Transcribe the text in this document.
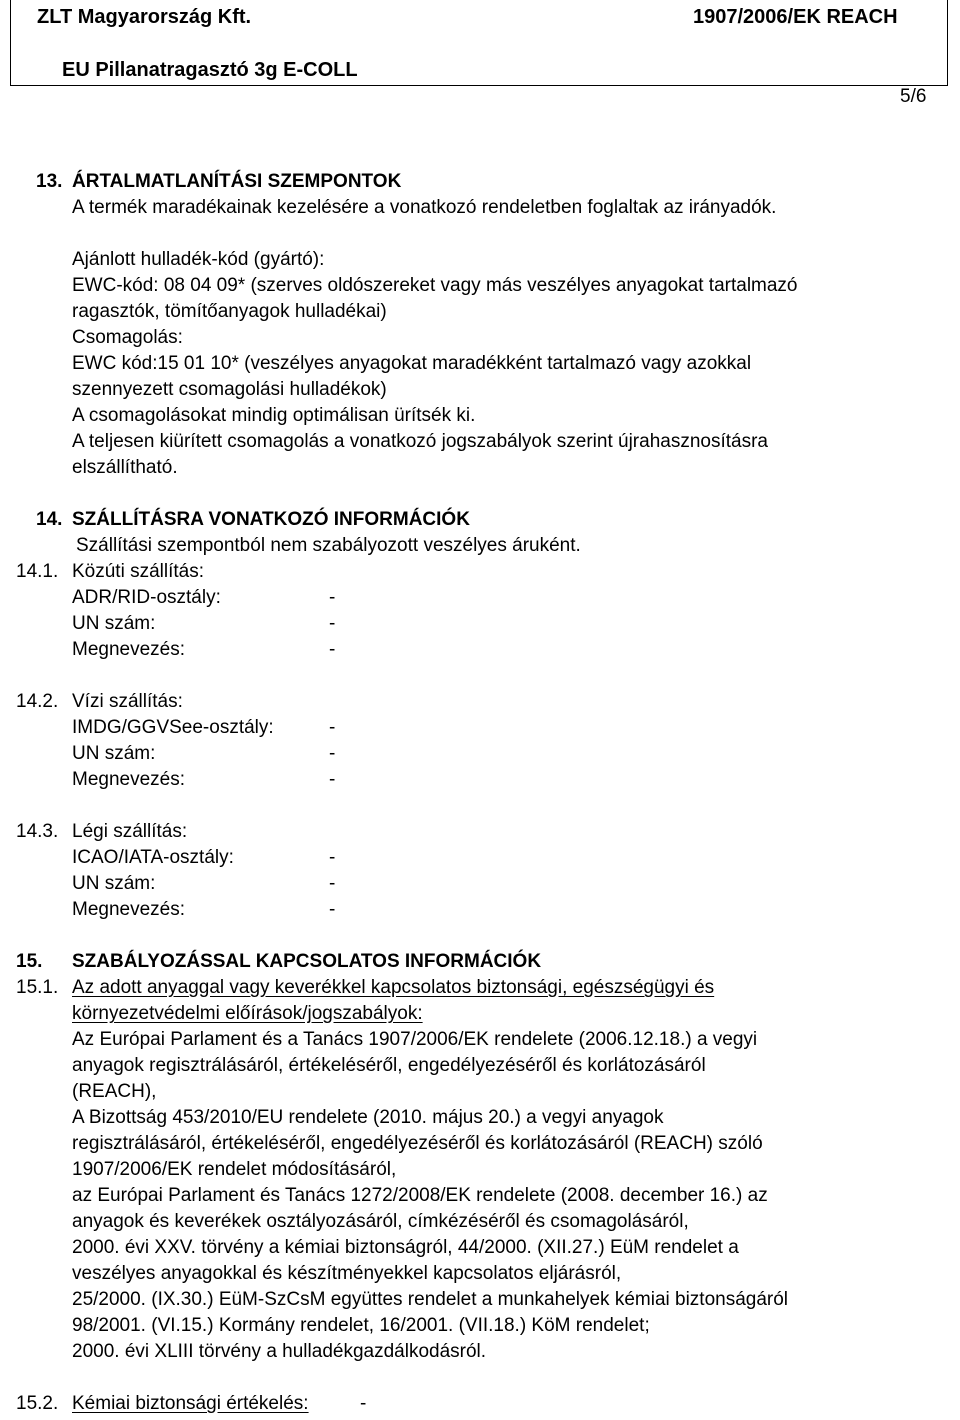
ZLT Magyarország Kft.	1907/2006/EK REACH
EU Pillanatragasztó 3g E-COLL
5/6
13. ÁRTALMATLANÍTÁSI SZEMPONTOK
A termék maradékainak kezelésére a vonatkozó rendeletben foglaltak az irányadók.
Ajánlott hulladék-kód (gyártó):
EWC-kód: 08 04 09* (szerves oldószereket vagy más veszélyes anyagokat tartalmazó
ragasztók, tömítőanyagok hulladékai)
Csomagolás:
EWC kód:15 01 10* (veszélyes anyagokat maradékként tartalmazó vagy azokkal
szennyezett csomagolási hulladékok)
A csomagolásokat mindig optimálisan ürítsék ki.
A teljesen kiürített csomagolás a vonatkozó jogszabályok szerint újrahasznosításra
elszállítható.
14. SZÁLLÍTÁSRA VONATKOZÓ INFORMÁCIÓK
Szállítási szempontból nem szabályozott veszélyes áruként.
14.1. Közúti szállítás:
ADR/RID-osztály:	-
UN szám:	-
Megnevezés:	-
14.2. Vízi szállítás:
IMDG/GGVSee-osztály:	-
UN szám:	-
Megnevezés:	-
14.3. Légi szállítás:
ICAO/IATA-osztály:	-
UN szám:	-
Megnevezés:	-
15. SZABÁLYOZÁSSAL KAPCSOLATOS INFORMÁCIÓK
15.1. Az adott anyaggal vagy keverékkel kapcsolatos biztonsági, egészségügyi és
környezetvédelmi előírások/jogszabályok:
Az Európai Parlament és a Tanács 1907/2006/EK rendelete (2006.12.18.) a vegyi
anyagok regisztrálásáról, értékeléséről, engedélyezéséről és korlátozásáról
(REACH),
A Bizottság 453/2010/EU rendelete (2010. május 20.) a vegyi anyagok
regisztrálásáról, értékeléséről, engedélyezéséről és korlátozásáról (REACH) szóló
1907/2006/EK rendelet módosításáról,
az Európai Parlament és Tanács 1272/2008/EK rendelete (2008. december 16.) az
anyagok és keverékek osztályozásáról, címkézéséről és csomagolásáról,
2000. évi XXV. törvény a kémiai biztonságról, 44/2000. (XII.27.) EüM rendelet a
veszélyes anyagokkal és készítményekkel kapcsolatos eljárásról,
25/2000. (IX.30.) EüM-SzCsM együttes rendelet a munkahelyek kémiai biztonságáról
98/2001. (VI.15.) Kormány rendelet, 16/2001. (VII.18.) KöM rendelet;
2000. évi XLIII törvény a hulladékgazdálkodásról.
15.2. Kémiai biztonsági értékelés:	-
